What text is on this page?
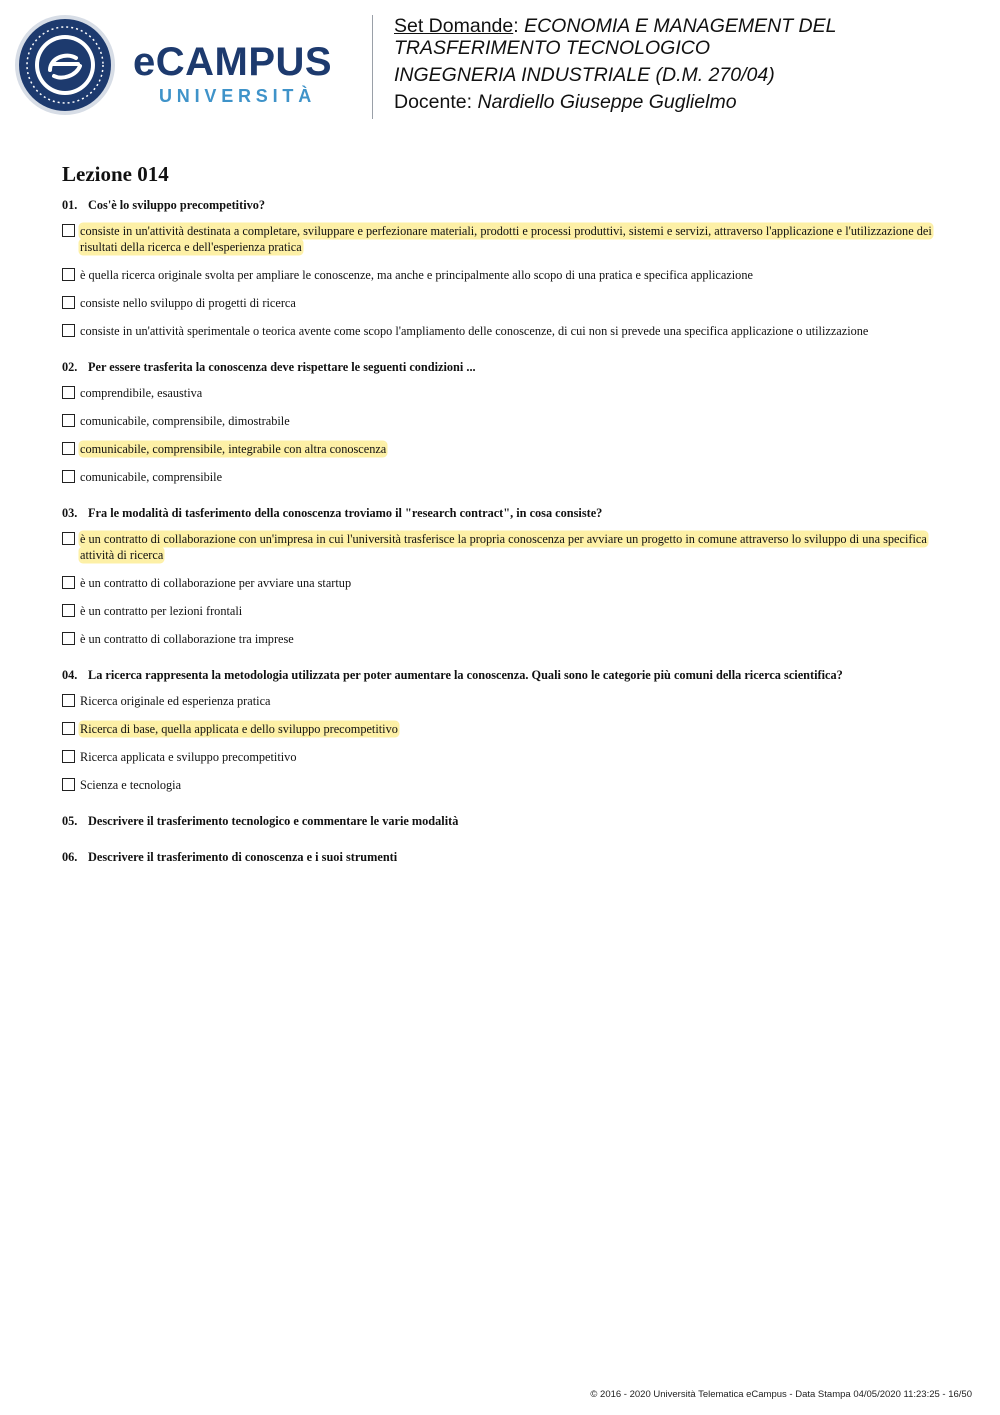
eCAMPUS
UNIVERSITÀ
Set Domande: ECONOMIA E MANAGEMENT DEL TRASFERIMENTO TECNOLOGICO
INGEGNERIA INDUSTRIALE (D.M. 270/04)
Docente: Nardiello Giuseppe Guglielmo
Lezione 014
01. Cos'è lo sviluppo precompetitivo?
consiste in un'attività destinata a completare, sviluppare e perfezionare materiali, prodotti e processi produttivi, sistemi e servizi, attraverso l'applicazione e l'utilizzazione dei risultati della ricerca e dell'esperienza pratica
è quella ricerca originale svolta per ampliare le conoscenze, ma anche e principalmente allo scopo di una pratica e specifica applicazione
consiste nello sviluppo di progetti di ricerca
consiste in un'attività sperimentale o teorica avente come scopo l'ampliamento delle conoscenze, di cui non si prevede una specifica applicazione o utilizzazione
02. Per essere trasferita la conoscenza deve rispettare le seguenti condizioni ...
comprendibile, esaustiva
comunicabile, comprensibile, dimostrabile
comunicabile, comprensibile, integrabile con altra conoscenza
comunicabile, comprensibile
03. Fra le modalità di tasferimento della conoscenza troviamo il "research contract", in cosa consiste?
è un contratto di collaborazione con un'impresa in cui l'università trasferisce la propria conoscenza per avviare un progetto in comune attraverso lo sviluppo di una specifica attività di ricerca
è un contratto di collaborazione per avviare una startup
è un contratto per lezioni frontali
è un contratto di collaborazione tra imprese
04. La ricerca rappresenta la metodologia utilizzata per poter aumentare la conoscenza. Quali sono le categorie più comuni della ricerca scientifica?
Ricerca originale ed esperienza pratica
Ricerca di base, quella applicata e dello sviluppo precompetitivo
Ricerca applicata e sviluppo precompetitivo
Scienza e tecnologia
05. Descrivere il trasferimento tecnologico e commentare le varie modalità
06. Descrivere il trasferimento di conoscenza e i suoi strumenti
© 2016 - 2020 Università Telematica eCampus - Data Stampa 04/05/2020 11:23:25 - 16/50
